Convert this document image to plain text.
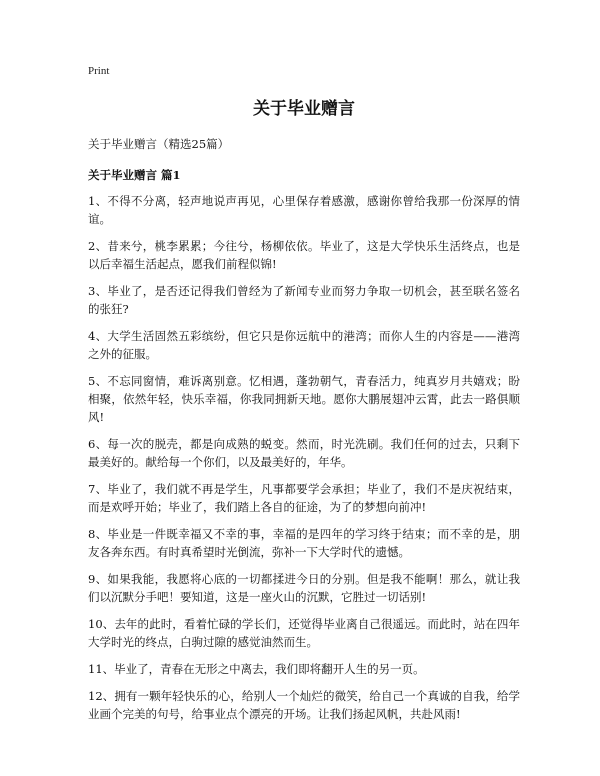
Print
关于毕业赠言

关于毕业赠言（精选25篇）

关于毕业赠言 篇1

1、不得不分离，轻声地说声再见，心里保存着感激，感谢你曾给我那一份深厚的情谊。

2、昔来兮，桃李累累；今往兮，杨柳依依。毕业了，这是大学快乐生活终点，也是以后幸福生活起点，愿我们前程似锦!

3、毕业了，是否还记得我们曾经为了新闻专业而努力争取一切机会，甚至联名签名的张狂?

4、大学生活固然五彩缤纷，但它只是你远航中的港湾；而你人生的内容是——港湾之外的征服。

5、不忘同窗情，难诉离别意。忆相遇，蓬勃朝气，青春活力，纯真岁月共嬉戏；盼相聚，依然年轻，快乐幸福，你我同拥新天地。愿你大鹏展翅冲云霄，此去一路俱顺风!

6、每一次的脱壳，都是向成熟的蜕变。然而，时光洗刷。我们任何的过去，只剩下最美好的。献给每一个你们，以及最美好的，年华。

7、毕业了，我们就不再是学生，凡事都要学会承担；毕业了，我们不是庆祝结束，而是欢呼开始；毕业了，我们踏上各自的征途，为了的梦想向前冲!

8、毕业是一件既幸福又不幸的事，幸福的是四年的学习终于结束；而不幸的是，朋友各奔东西。有时真希望时光倒流，弥补一下大学时代的遗憾。

9、如果我能，我愿将心底的一切都揉进今日的分别。但是我不能啊！那么，就让我们以沉默分手吧！要知道，这是一座火山的沉默，它胜过一切话别!

10、去年的此时，看着忙碌的学长们，还觉得毕业离自己很遥远。而此时，站在四年大学时光的终点，白驹过隙的感觉油然而生。

11、毕业了，青春在无形之中离去，我们即将翻开人生的另一页。

12、拥有一颗年轻快乐的心，给别人一个灿烂的微笑，给自己一个真诚的自我，给学业画个完美的句号，给事业点个漂亮的开场。让我们扬起风帆，共赴风雨!
